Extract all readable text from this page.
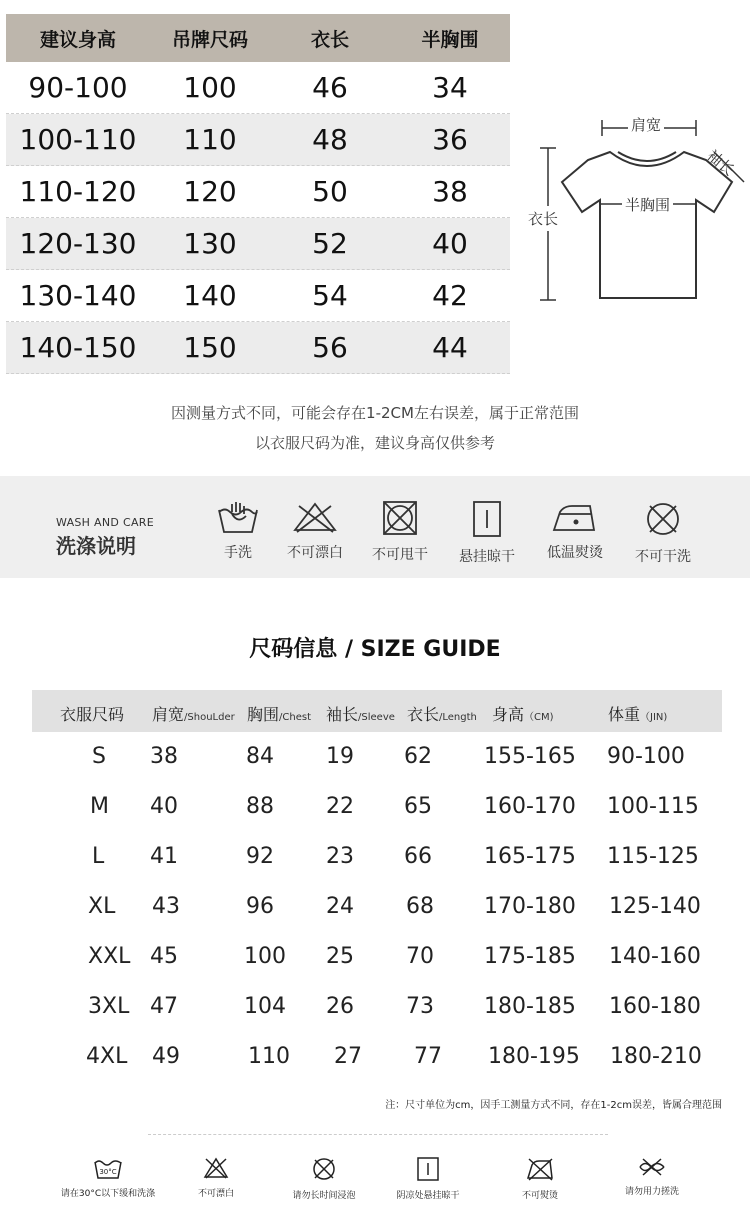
建议身高	吊牌尺码	衣长	半胸围
90-100	100	46	34
100-110	110	48	36
110-120	120	50	38
120-130	130	52	40
130-140	140	54	42
140-150	150	56	44
肩宽
袖长
半胸围
衣长
因测量方式不同，可能会存在1-2CM左右误差，属于正常范围
以衣服尺码为准，建议身高仅供参考
WASH AND CARE
洗涤说明	手洗	不可漂白	不可甩干	悬挂晾干	低温熨烫	不可干洗
尺码信息 / SIZE GUIDE
衣服尺码 肩宽/ShouLder 胸围/Chest 袖长/Sleeve 衣长/Length 身高（CM)	体重（JIN)
S 38	84 19 62 155-165 90-100
M 40	88 22 65 160-170 100-115
L 41	92 23 66 165-175 115-125
XL 43	96 24 68 170-180 125-140
XXL 45	100 25 70 175-185 140-160
3XL 47	104 26 73 180-185 160-180
4XL 49	110 27 77 180-195 180-210
注：尺寸单位为cm，因手工测量方式不同，存在1-2cm误差，皆属合理范围
30°C
请在30°C以下缓和洗涤	不可漂白	请勿长时间浸泡	阴凉处悬挂晾干	不可熨烫	请勿用力搓洗
